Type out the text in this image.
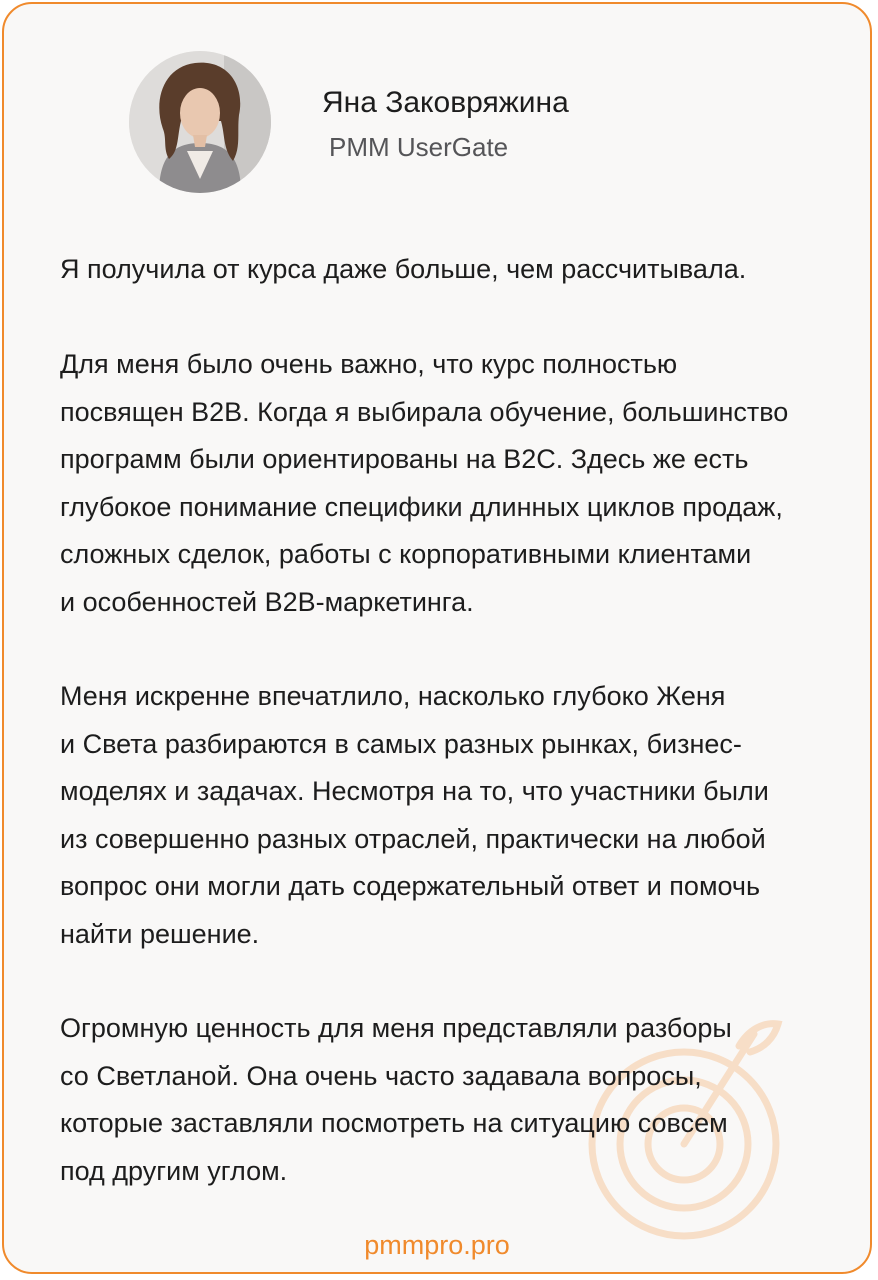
Яна Заковряжина
PMM UserGate

Я получила от курса даже больше, чем рассчитывала.

Для меня было очень важно, что курс полностью
посвящен B2B. Когда я выбирала обучение, большинство
программ были ориентированы на B2C. Здесь же есть
глубокое понимание специфики длинных циклов продаж,
сложных сделок, работы с корпоративными клиентами
и особенностей B2B-маркетинга.

Меня искренне впечатлило, насколько глубоко Женя
и Света разбираются в самых разных рынках, бизнес-
моделях и задачах. Несмотря на то, что участники были
из совершенно разных отраслей, практически на любой
вопрос они могли дать содержательный ответ и помочь
найти решение.

Огромную ценность для меня представляли разборы
со Светланой. Она очень часто задавала вопросы,
которые заставляли посмотреть на ситуацию совсем
под другим углом.

pmmpro.pro
